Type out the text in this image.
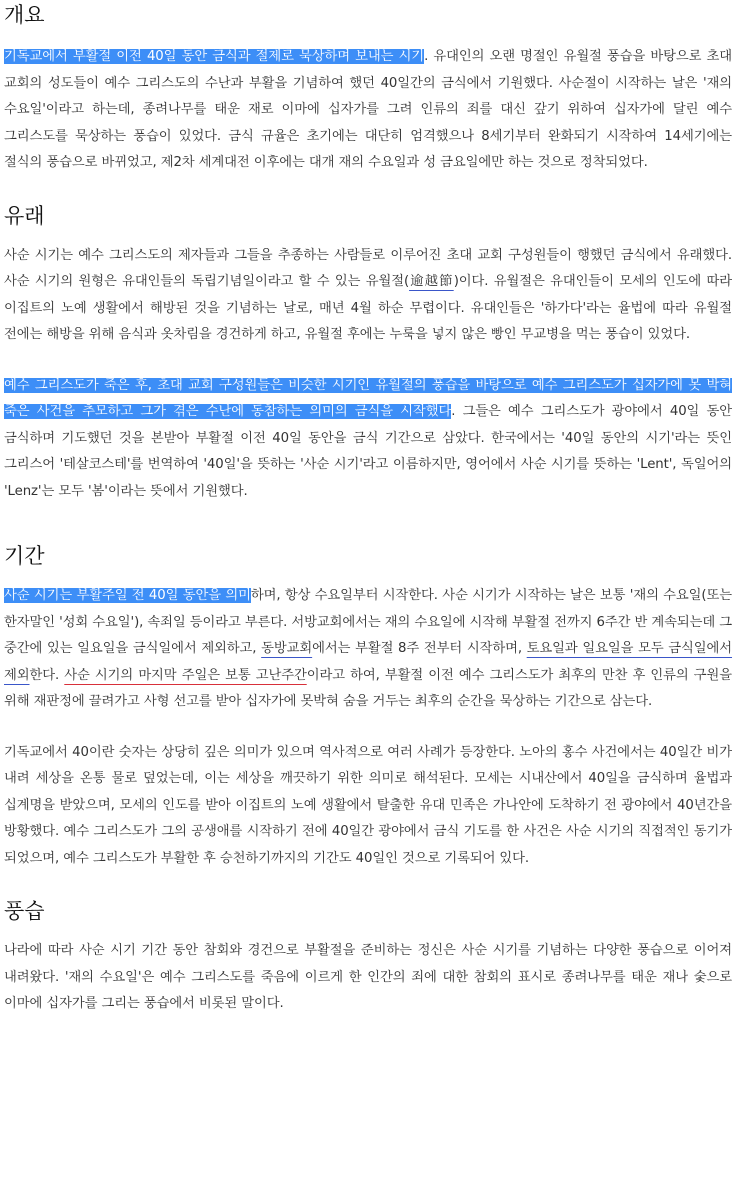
개요

기독교에서 부활절 이전 40일 동안 금식과 절제로 묵상하며 보내는 시기. 유대인의 오랜 명절인 유월절 풍습을 바탕으로 초대 교회의 성도들이 예수 그리스도의 수난과 부활을 기념하여 했던 40일간의 금식에서 기원했다. 사순절이 시작하는 날은 '재의 수요일'이라고 하는데, 종려나무를 태운 재로 이마에 십자가를 그려 인류의 죄를 대신 갚기 위하여 십자가에 달린 예수 그리스도를 묵상하는 풍습이 있었다. 금식 규율은 초기에는 대단히 엄격했으나 8세기부터 완화되기 시작하여 14세기에는 절식의 풍습으로 바뀌었고, 제2차 세계대전 이후에는 대개 재의 수요일과 성 금요일에만 하는 것으로 정착되었다.

유래

사순 시기는 예수 그리스도의 제자들과 그들을 추종하는 사람들로 이루어진 초대 교회 구성원들이 행했던 금식에서 유래했다. 사순 시기의 원형은 유대인들의 독립기념일이라고 할 수 있는 유월절(逾越節)이다. 유월절은 유대인들이 모세의 인도에 따라 이집트의 노예 생활에서 해방된 것을 기념하는 날로, 매년 4월 하순 무렵이다. 유대인들은 '하가다'라는 율법에 따라 유월절 전에는 해방을 위해 음식과 옷차림을 경건하게 하고, 유월절 후에는 누룩을 넣지 않은 빵인 무교병을 먹는 풍습이 있었다.

예수 그리스도가 죽은 후, 초대 교회 구성원들은 비슷한 시기인 유월절의 풍습을 바탕으로 예수 그리스도가 십자가에 못 박혀 죽은 사건을 추모하고 그가 겪은 수난에 동참하는 의미의 금식을 시작했다. 그들은 예수 그리스도가 광야에서 40일 동안 금식하며 기도했던 것을 본받아 부활절 이전 40일 동안을 금식 기간으로 삼았다. 한국에서는 '40일 동안의 시기'라는 뜻인 그리스어 '테살코스테'를 번역하여 '40일'을 뜻하는 '사순 시기'라고 이름하지만, 영어에서 사순 시기를 뜻하는 'Lent', 독일어의 'Lenz'는 모두 '봄'이라는 뜻에서 기원했다.

기간

사순 시기는 부활주일 전 40일 동안을 의미하며, 항상 수요일부터 시작한다. 사순 시기가 시작하는 날은 보통 '재의 수요일(또는 한자말인 '성회 수요일'), 속죄일 등이라고 부른다. 서방교회에서는 재의 수요일에 시작해 부활절 전까지 6주간 반 계속되는데 그 중간에 있는 일요일을 금식일에서 제외하고, 동방교회에서는 부활절 8주 전부터 시작하며, 토요일과 일요일을 모두 금식일에서 제외한다. 사순 시기의 마지막 주일은 보통 고난주간이라고 하여, 부활절 이전 예수 그리스도가 최후의 만찬 후 인류의 구원을 위해 재판정에 끌려가고 사형 선고를 받아 십자가에 못박혀 숨을 거두는 최후의 순간을 묵상하는 기간으로 삼는다.

기독교에서 40이란 숫자는 상당히 깊은 의미가 있으며 역사적으로 여러 사례가 등장한다. 노아의 홍수 사건에서는 40일간 비가 내려 세상을 온통 물로 덮었는데, 이는 세상을 깨끗하기 위한 의미로 해석된다. 모세는 시내산에서 40일을 금식하며 율법과 십계명을 받았으며, 모세의 인도를 받아 이집트의 노예 생활에서 탈출한 유대 민족은 가나안에 도착하기 전 광야에서 40년간을 방황했다. 예수 그리스도가 그의 공생애를 시작하기 전에 40일간 광야에서 금식 기도를 한 사건은 사순 시기의 직접적인 동기가 되었으며, 예수 그리스도가 부활한 후 승천하기까지의 기간도 40일인 것으로 기록되어 있다.

풍습

나라에 따라 사순 시기 기간 동안 참회와 경건으로 부활절을 준비하는 정신은 사순 시기를 기념하는 다양한 풍습으로 이어져 내려왔다. '재의 수요일'은 예수 그리스도를 죽음에 이르게 한 인간의 죄에 대한 참회의 표시로 종려나무를 태운 재나 숯으로 이마에 십자가를 그리는 풍습에서 비롯된 말이다.
